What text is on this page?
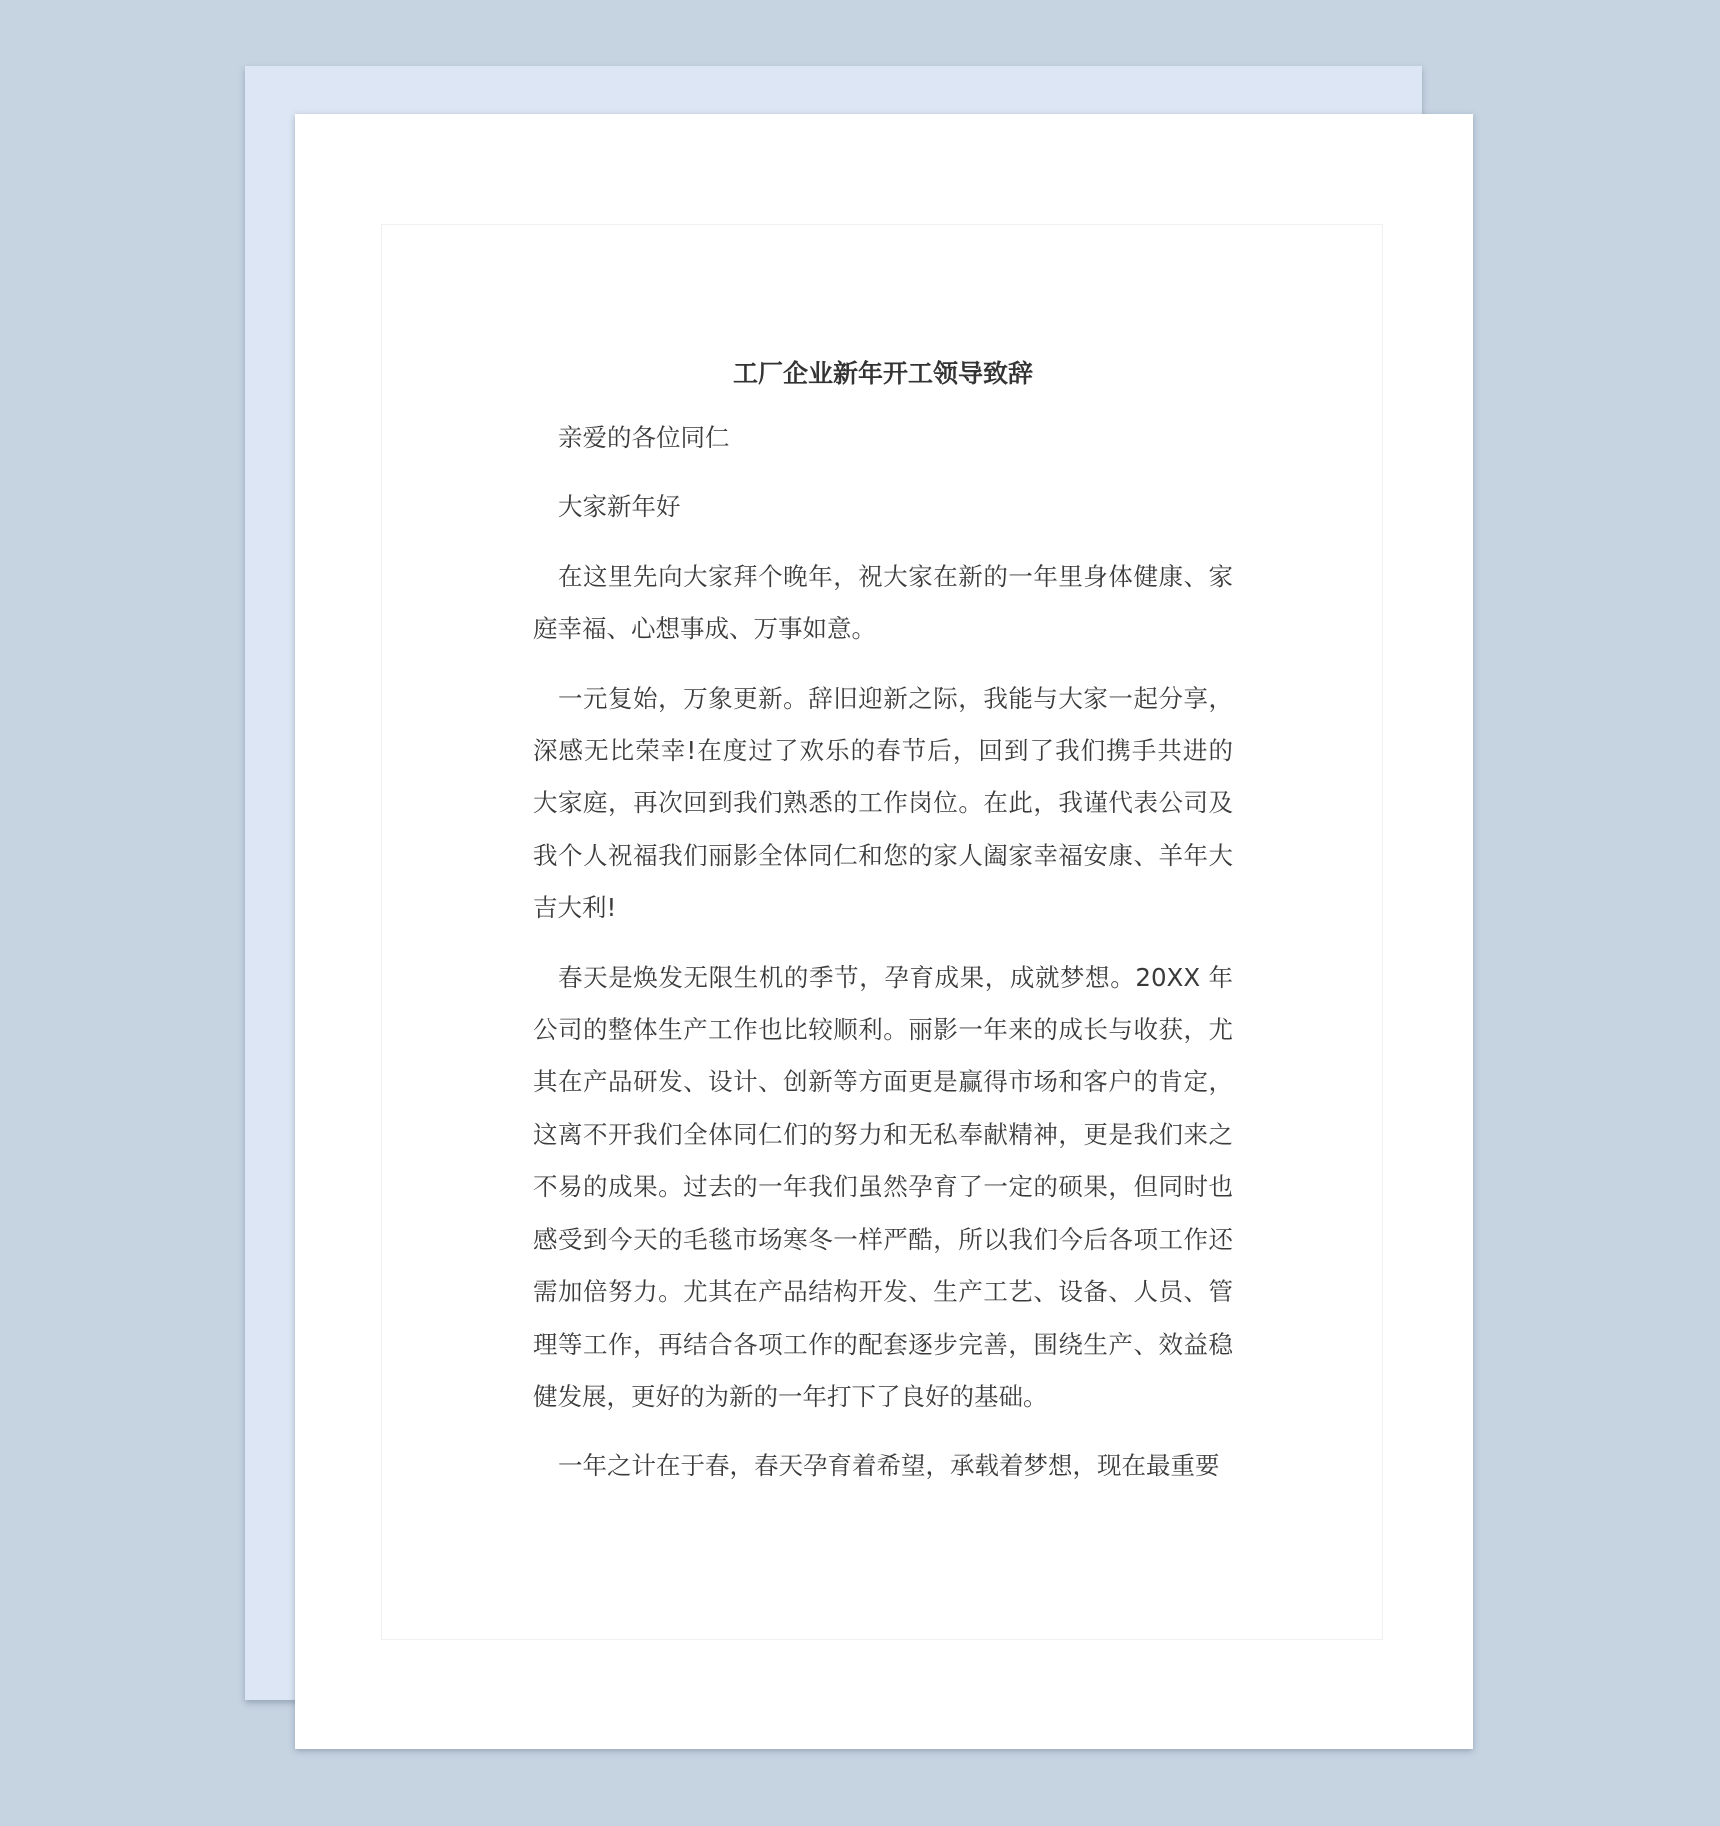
工厂企业新年开工领导致辞
亲爱的各位同仁
大家新年好
在这里先向大家拜个晚年，祝大家在新的一年里身体健康、家
庭幸福、心想事成、万事如意。
一元复始，万象更新。辞旧迎新之际，我能与大家一起分享，
深感无比荣幸!在度过了欢乐的春节后，回到了我们携手共进的
大家庭，再次回到我们熟悉的工作岗位。在此，我谨代表公司及
我个人祝福我们丽影全体同仁和您的家人阖家幸福安康、羊年大
吉大利!
春天是焕发无限生机的季节，孕育成果，成就梦想。20XX 年
公司的整体生产工作也比较顺利。丽影一年来的成长与收获，尤
其在产品研发、设计、创新等方面更是赢得市场和客户的肯定，
这离不开我们全体同仁们的努力和无私奉献精神，更是我们来之
不易的成果。过去的一年我们虽然孕育了一定的硕果，但同时也
感受到今天的毛毯市场寒冬一样严酷，所以我们今后各项工作还
需加倍努力。尤其在产品结构开发、生产工艺、设备、人员、管
理等工作，再结合各项工作的配套逐步完善，围绕生产、效益稳
健发展，更好的为新的一年打下了良好的基础。
一年之计在于春，春天孕育着希望，承载着梦想，现在最重要
